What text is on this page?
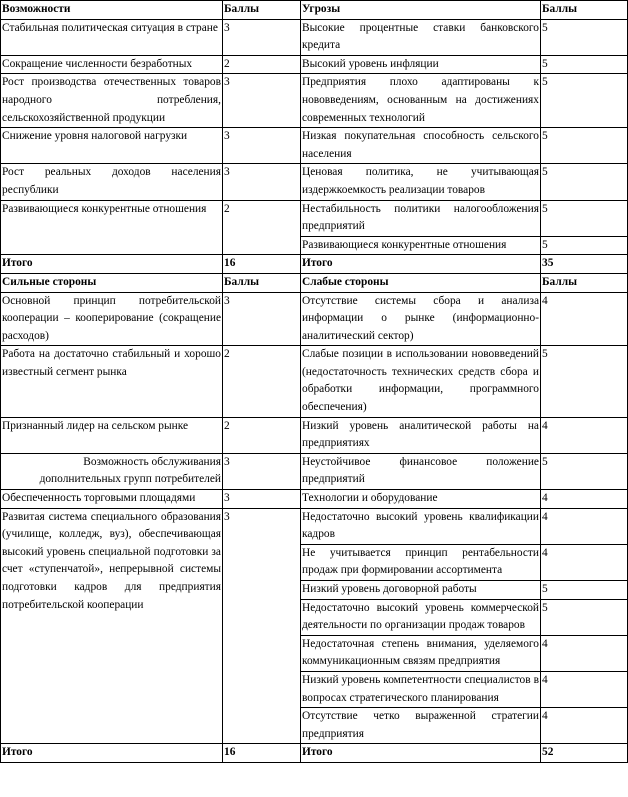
Возможности	Баллы	Угрозы	Баллы
Стабильная политическая ситуация в стране	3	Высокие процентные ставки банковского кредита	5
Сокращение численности безработных	2	Высокий уровень инфляции	5
Рост производства отечественных товаров народного потребления, сельскохозяйственной продукции	3	Предприятия плохо адаптированы к нововведениям, основанным на достижениях современных технологий	5
Снижение уровня налоговой нагрузки	3	Низкая покупательная способность сельского населения	5
Рост реальных доходов населения республики	3	Ценовая политика, не учитывающая издержкоемкость реализации товаров	5
Развивающиеся конкурентные отношения	2	Нестабильность политики налогообложения предприятий	5
		Развивающиеся конкурентные отношения	5
Итого	16	Итого	35
Сильные стороны	Баллы	Слабые стороны	Баллы
Основной принцип потребительской кооперации – кооперирование (сокращение расходов)	3	Отсутствие системы сбора и анализа информации о рынке (информационно-аналитический сектор)	4
Работа на достаточно стабильный и хорошо известный сегмент рынка	2	Слабые позиции в использовании нововведений (недостаточность технических средств сбора и обработки информации, программного обеспечения)	5
Признанный лидер на сельском рынке	2	Низкий уровень аналитической работы на предприятиях	4
Возможность обслуживания дополнительных групп потребителей	3	Неустойчивое финансовое положение предприятий	5
Обеспеченность торговыми площадями	3	Технологии и оборудование	4
Развитая система специального образования (училище, колледж, вуз), обеспечивающая высокий уровень специальной подготовки за счет «ступенчатой», непрерывной системы подготовки кадров для предприятия потребительской кооперации	3	Недостаточно высокий уровень квалификации кадров	4
		Не учитывается принцип рентабельности продаж при формировании ассортимента	4
		Низкий уровень договорной работы	5
		Недостаточно высокий уровень коммерческой деятельности по организации продаж товаров	5
		Недостаточная степень внимания, уделяемого коммуникационным связям предприятия	4
		Низкий уровень компетентности специалистов в вопросах стратегического планирования	4
		Отсутствие четко выраженной стратегии предприятия	4

Итого	16	Итого	52
